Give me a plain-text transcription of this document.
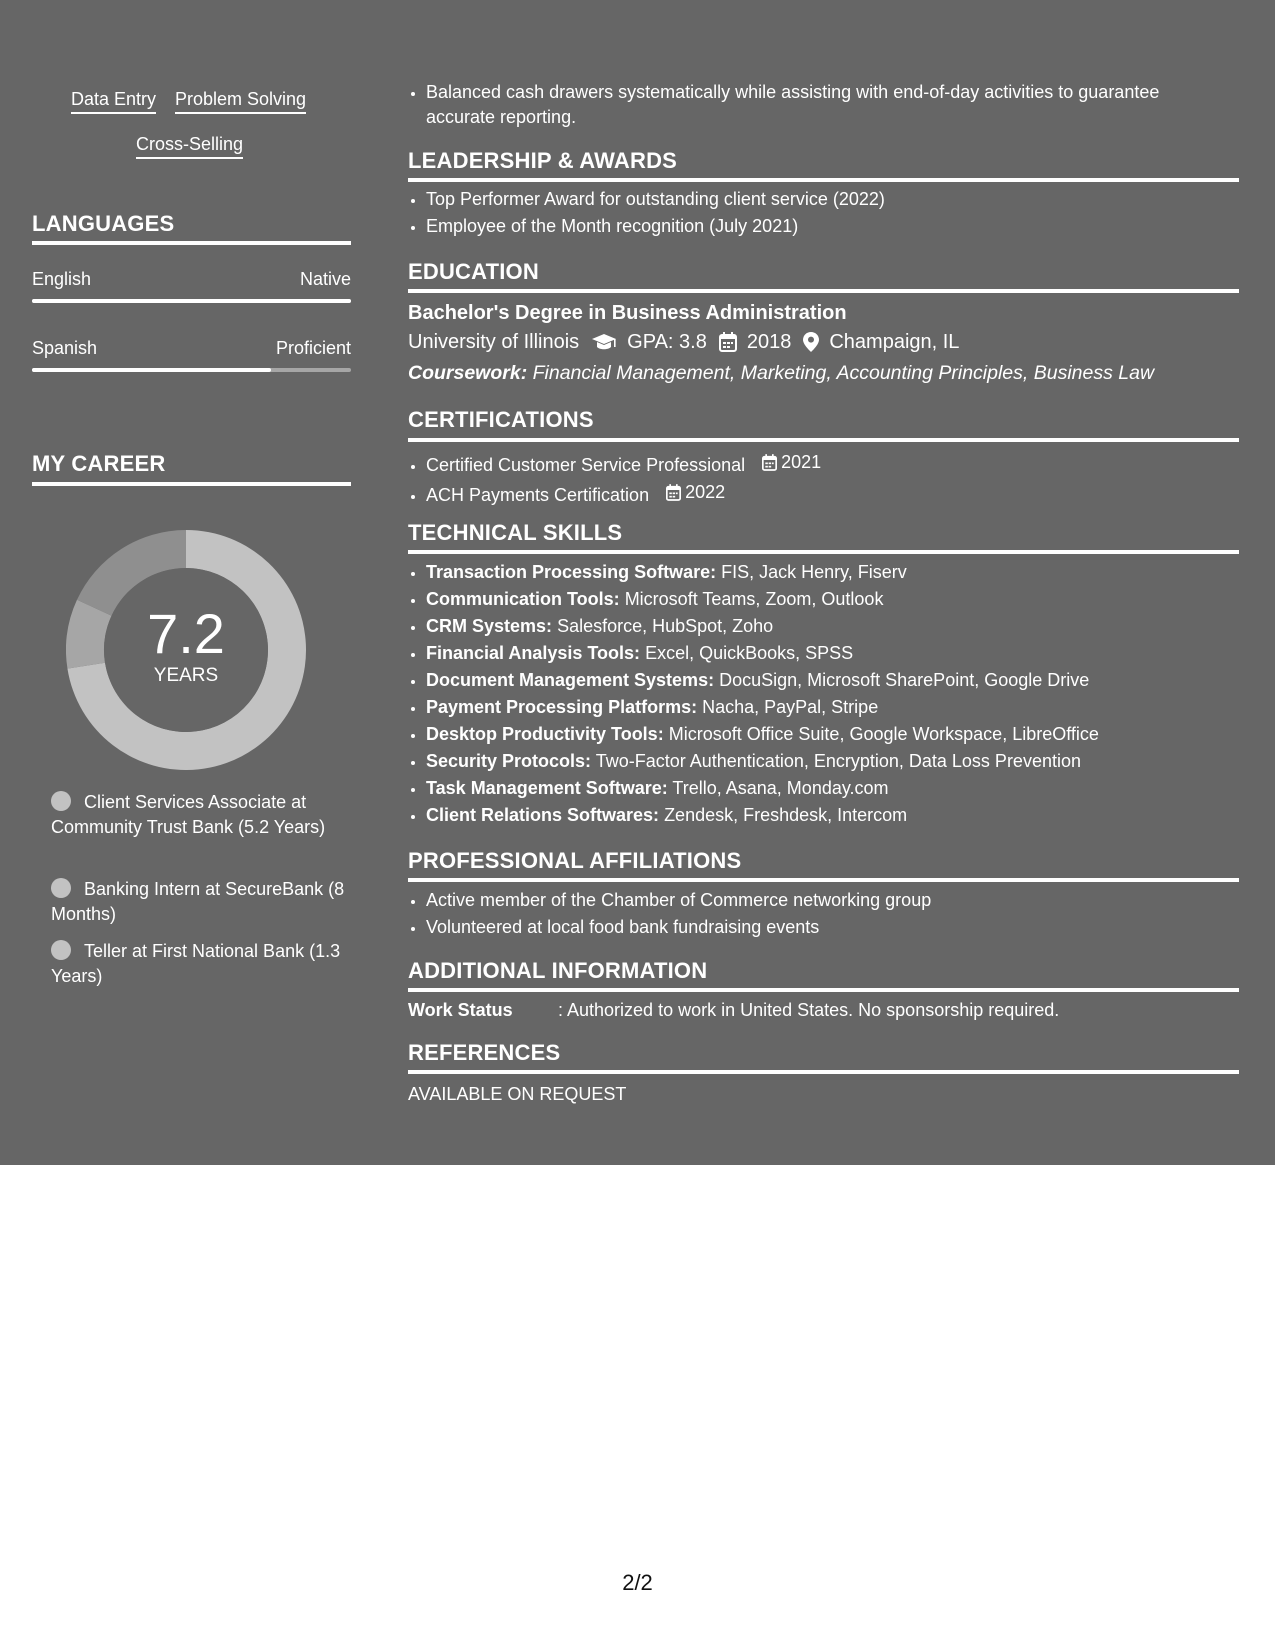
Data Entry Problem Solving
Cross-Selling
LANGUAGES
English	Native
Spanish	Proficient
MY CAREER
7.2
YEARS
Client Services Associate at Community Trust Bank (5.2 Years)
Banking Intern at SecureBank (8 Months)
Teller at First National Bank (1.3 Years)
• Balanced cash drawers systematically while assisting with end-of-day activities to guarantee accurate reporting.
LEADERSHIP & AWARDS
• Top Performer Award for outstanding client service (2022)
• Employee of the Month recognition (July 2021)
EDUCATION
Bachelor's Degree in Business Administration
University of Illinois GPA: 3.8 2018 Champaign, IL
Coursework: Financial Management, Marketing, Accounting Principles, Business Law
CERTIFICATIONS
• Certified Customer Service Professional 2021
• ACH Payments Certification 2022
TECHNICAL SKILLS
• Transaction Processing Software: FIS, Jack Henry, Fiserv
• Communication Tools: Microsoft Teams, Zoom, Outlook
• CRM Systems: Salesforce, HubSpot, Zoho
• Financial Analysis Tools: Excel, QuickBooks, SPSS
• Document Management Systems: DocuSign, Microsoft SharePoint, Google Drive
• Payment Processing Platforms: Nacha, PayPal, Stripe
• Desktop Productivity Tools: Microsoft Office Suite, Google Workspace, LibreOffice
• Security Protocols: Two-Factor Authentication, Encryption, Data Loss Prevention
• Task Management Software: Trello, Asana, Monday.com
• Client Relations Softwares: Zendesk, Freshdesk, Intercom
PROFESSIONAL AFFILIATIONS
• Active member of the Chamber of Commerce networking group
• Volunteered at local food bank fundraising events
ADDITIONAL INFORMATION
Work Status	: Authorized to work in United States. No sponsorship required.
REFERENCES
AVAILABLE ON REQUEST
2/2
